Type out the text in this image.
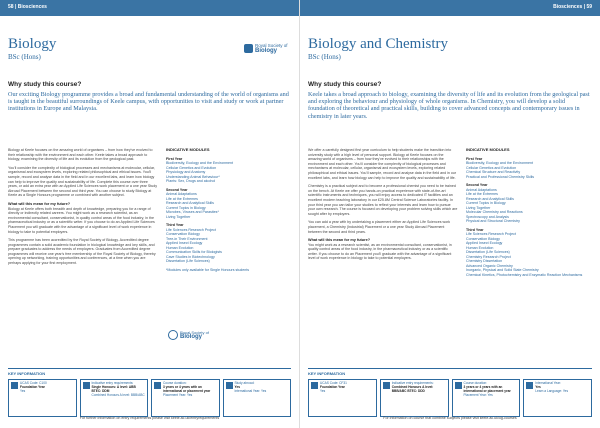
58 | Biosciences
Biology
BSc (Hons)
Royal Society of
Biology
Why study this course?

Our exciting Biology programme provides a broad and fundamental understanding of the world of organisms and is taught in the beautiful surroundings of Keele campus, with opportunities to visit and study or work at partner institutions in Europe and Malaysia.

Biology at Keele focuses on the amazing world of organisms – from how they've evolved to their relationship with the environment and each other. Keele takes a broad approach to biology, examining the diversity of life and its evolution from the geological past.

You'll consider the complexity of biological processes and mechanisms at molecular, cellular, organismal and ecosystem levels, exploring related philosophical and ethical issues. You'll sample, record and analyse data in the field and in our excellent labs, and learn how biology can help to improve the quality and sustainability of life. Complete this course over three years, or add an extra year with an Applied Life Sciences work placement or a one year Study Abroad Placement between the second and third year. You can choose to study Biology at Keele as a Single Honours programme or combined with another subject.

What will this mean for my future?

Biology at Keele offers both breadth and depth of knowledge, preparing you for a range of directly or indirectly related careers. You might work as a research scientist, as an environmental consultant, conservationist, in quality control areas of the food industry, in the pharmaceutical industry or as a scientific writer. If you choose to do an Applied Life Sciences Placement you will graduate with the advantage of a significant level of work experience in biology to take to potential employers.

This programme has been accredited by the Royal Society of Biology. Accredited degree programmes contain a solid academic foundation in biological knowledge and key skills, and prepare graduates to address the needs of employers. Graduates from Accredited degree programmes will receive one year's free membership of the Royal Society of Biology, thereby opening up networking, training opportunities and conferences, at a time when you are perhaps applying for your first employment.

INDICATIVE MODULES
First Year
Biodiversity, Ecology and the Environment
Cellular Genetics and Evolution
Physiology and Anatomy
Understanding Animal Behaviour*
Plants: Sex, Drugs and alcohol
Second Year
Animal Adaptations
Life at the Extremes
Research and Analytical Skills
Current Topics in Biology
Microbes, Viruses and Parasites*
Living Together
Third Year
Life Sciences Research Project
Conservation Biology
Tree-in Their Environment
Applied Insect Ecology
Human Evolution
Communication Skills for Biologists
Cave Studies in Biotechnology
Dissertation (Life Sciences)
*Modules only available for Single Honours students
Royal Society of
Biology
KEY INFORMATION
UCAS Code: C100
Foundation Year
Yes
Indicative entry requirements:
Single Honours: A level: ABB BTEC: DDM
Combined Honours A level: BBB/ABC
Course duration:
3 years or 4 years with an international or placement year
Placement Year: Yes
Study abroad:
Yes
International Year: Yes
For further information on entry requirements please visit keele.ac.uk/entryrequirements
Biosciences | 59
Biology and Chemistry
BSc (Hons)
Why study this course?

Keele takes a broad approach to biology, examining the diversity of life and its evolution from the geological past and exploring the behaviour and physiology of whole organisms. In Chemistry, you will develop a solid foundation of theoretical and practical skills, building to cover advanced concepts and contemporary issues in chemistry in later years.

We offer a carefully designed first year curriculum to help students make the transition into university study with a high level of personal support. Biology at Keele focuses on the amazing world of organisms – from how they've evolved to their relationships with the environment and each other. You'll consider the complexity of biological processes and mechanisms at molecular, cellular, organismal and ecosystem levels, exploring related philosophical and ethical issues. You'll sample, record and analyse data in the field and in our excellent labs, and learn how biology can help to improve the quality and sustainability of life.

Chemistry is a practical subject and to become a professional chemist you need to be trained on the bench. At Keele we offer you hands-on practical experience with state-of-the-art scientific instruments and techniques, you will enjoy access to dedicated IT facilities and an excellent modern teaching laboratory in our £25.8M Central Science Laboratories facility. In your third year you can tailor your studies to reflect your interests and learn how to pursue your own research. The course is focused on developing your problem solving skills which are sought after by employers.

You can add a year with by undertaking a placement either an Applied Life Sciences work placement, a Chemistry (Industrial) Placement or a one year Study Abroad Placement between the second and third years.

What will this mean for my future?

You might work as a research scientist, as an environmental consultant, conservationist, in quality control areas of the food industry, in the pharmaceutical industry or as a scientific writer. If you choose to do an Placement you'll graduate with the advantage of a significant level of work experience in biology to take to potential employers.

INDICATIVE MODULES
First Year
Biodiversity, Ecology and the Environment
Cellular Genetics and Evolution
Chemical Structure and Reactivity
Practical and Professional Chemistry Skills
Second Year
Animal Adaptations
Life at the Extremes
Research and Analytical Skills
Current Topics in Biology
Living Together
Molecular Chemistry and Reactions
Spectroscopy and Analysis
Physical and Structural Chemistry
Third Year
Life Sciences Research Project
Conservation Biology
Applied Insect Ecology
Human Evolution
Dissertation (Life Sciences)
Chemistry Research Project
Chemistry Dissertation
Advanced Organic Chemistry
Inorganic, Physical and Solid State Chemistry
Chemical Kinetics, Photochemistry and Enzymatic Reaction Mechanisms
KEY INFORMATION
UCAS Code: CF31
Foundation Year
Yes
Indicative entry requirements:
Combined Honours A level: BBB/ABC BTEC: DDD
Course duration:
3 years or 4 years with an international or placement year
Placement Year: Yes
International Year:
Yes
Learn a Language: Yes
For information on course that combine subjects please visit keele.ac.uk/ug-courses
